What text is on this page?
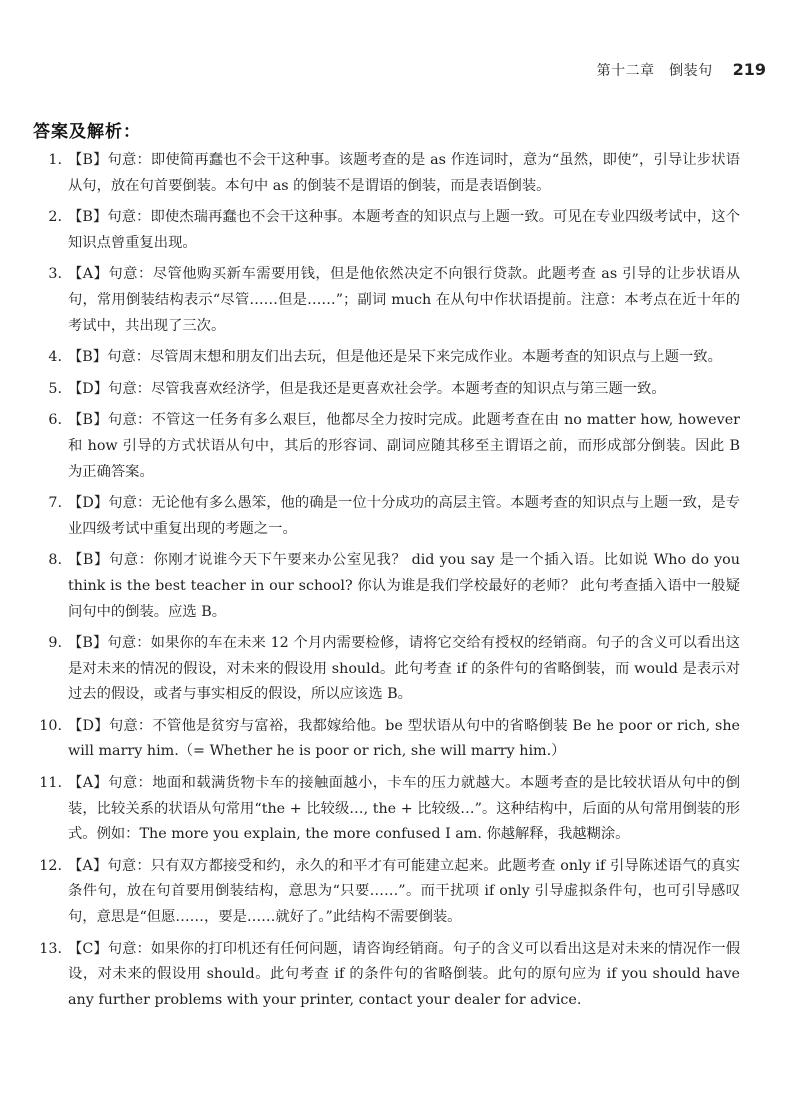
第十二章　倒装句 219
答案及解析：
1. 【B】句意：即使简再蠢也不会干这种事。该题考查的是 as 作连词时，意为“虽然，即使”，引导让步状语从句，放在句首要倒装。本句中 as 的倒装不是谓语的倒装，而是表语倒装。
2. 【B】句意：即使杰瑞再蠢也不会干这种事。本题考查的知识点与上题一致。可见在专业四级考试中，这个知识点曾重复出现。
3. 【A】句意：尽管他购买新车需要用钱，但是他依然决定不向银行贷款。此题考查 as 引导的让步状语从句，常用倒装结构表示“尽管……但是……”；副词 much 在从句中作状语提前。注意：本考点在近十年的考试中，共出现了三次。
4. 【B】句意：尽管周末想和朋友们出去玩，但是他还是呆下来完成作业。本题考查的知识点与上题一致。
5. 【D】句意：尽管我喜欢经济学，但是我还是更喜欢社会学。本题考查的知识点与第三题一致。
6. 【B】句意：不管这一任务有多么艰巨，他都尽全力按时完成。此题考查在由 no matter how, however 和 how 引导的方式状语从句中，其后的形容词、副词应随其移至主谓语之前，而形成部分倒装。因此 B 为正确答案。
7. 【D】句意：无论他有多么愚笨，他的确是一位十分成功的高层主管。本题考查的知识点与上题一致，是专业四级考试中重复出现的考题之一。
8. 【B】句意：你刚才说谁今天下午要来办公室见我？ did you say 是一个插入语。比如说 Who do you think is the best teacher in our school? 你认为谁是我们学校最好的老师？ 此句考查插入语中一般疑问句中的倒装。应选 B。
9. 【B】句意：如果你的车在未来 12 个月内需要检修，请将它交给有授权的经销商。句子的含义可以看出这是对未来的情况的假设，对未来的假设用 should。此句考查 if 的条件句的省略倒装，而 would 是表示对过去的假设，或者与事实相反的假设，所以应该选 B。
10. 【D】句意：不管他是贫穷与富裕，我都嫁给他。be 型状语从句中的省略倒装 Be he poor or rich, she will marry him.（= Whether he is poor or rich, she will marry him.）
11. 【A】句意：地面和载满货物卡车的接触面越小，卡车的压力就越大。本题考查的是比较状语从句中的倒装，比较关系的状语从句常用“the + 比较级…, the + 比较级…”。这种结构中，后面的从句常用倒装的形式。例如：The more you explain, the more confused I am. 你越解释，我越糊涂。
12. 【A】句意：只有双方都接受和约，永久的和平才有可能建立起来。此题考查 only if 引导陈述语气的真实条件句，放在句首要用倒装结构，意思为“只要……”。而干扰项 if only 引导虚拟条件句，也可引导感叹句，意思是“但愿……，要是……就好了。”此结构不需要倒装。
13. 【C】句意：如果你的打印机还有任何问题，请咨询经销商。句子的含义可以看出这是对未来的情况作一假设，对未来的假设用 should。此句考查 if 的条件句的省略倒装。此句的原句应为 if you should have any further problems with your printer, contact your dealer for advice.
